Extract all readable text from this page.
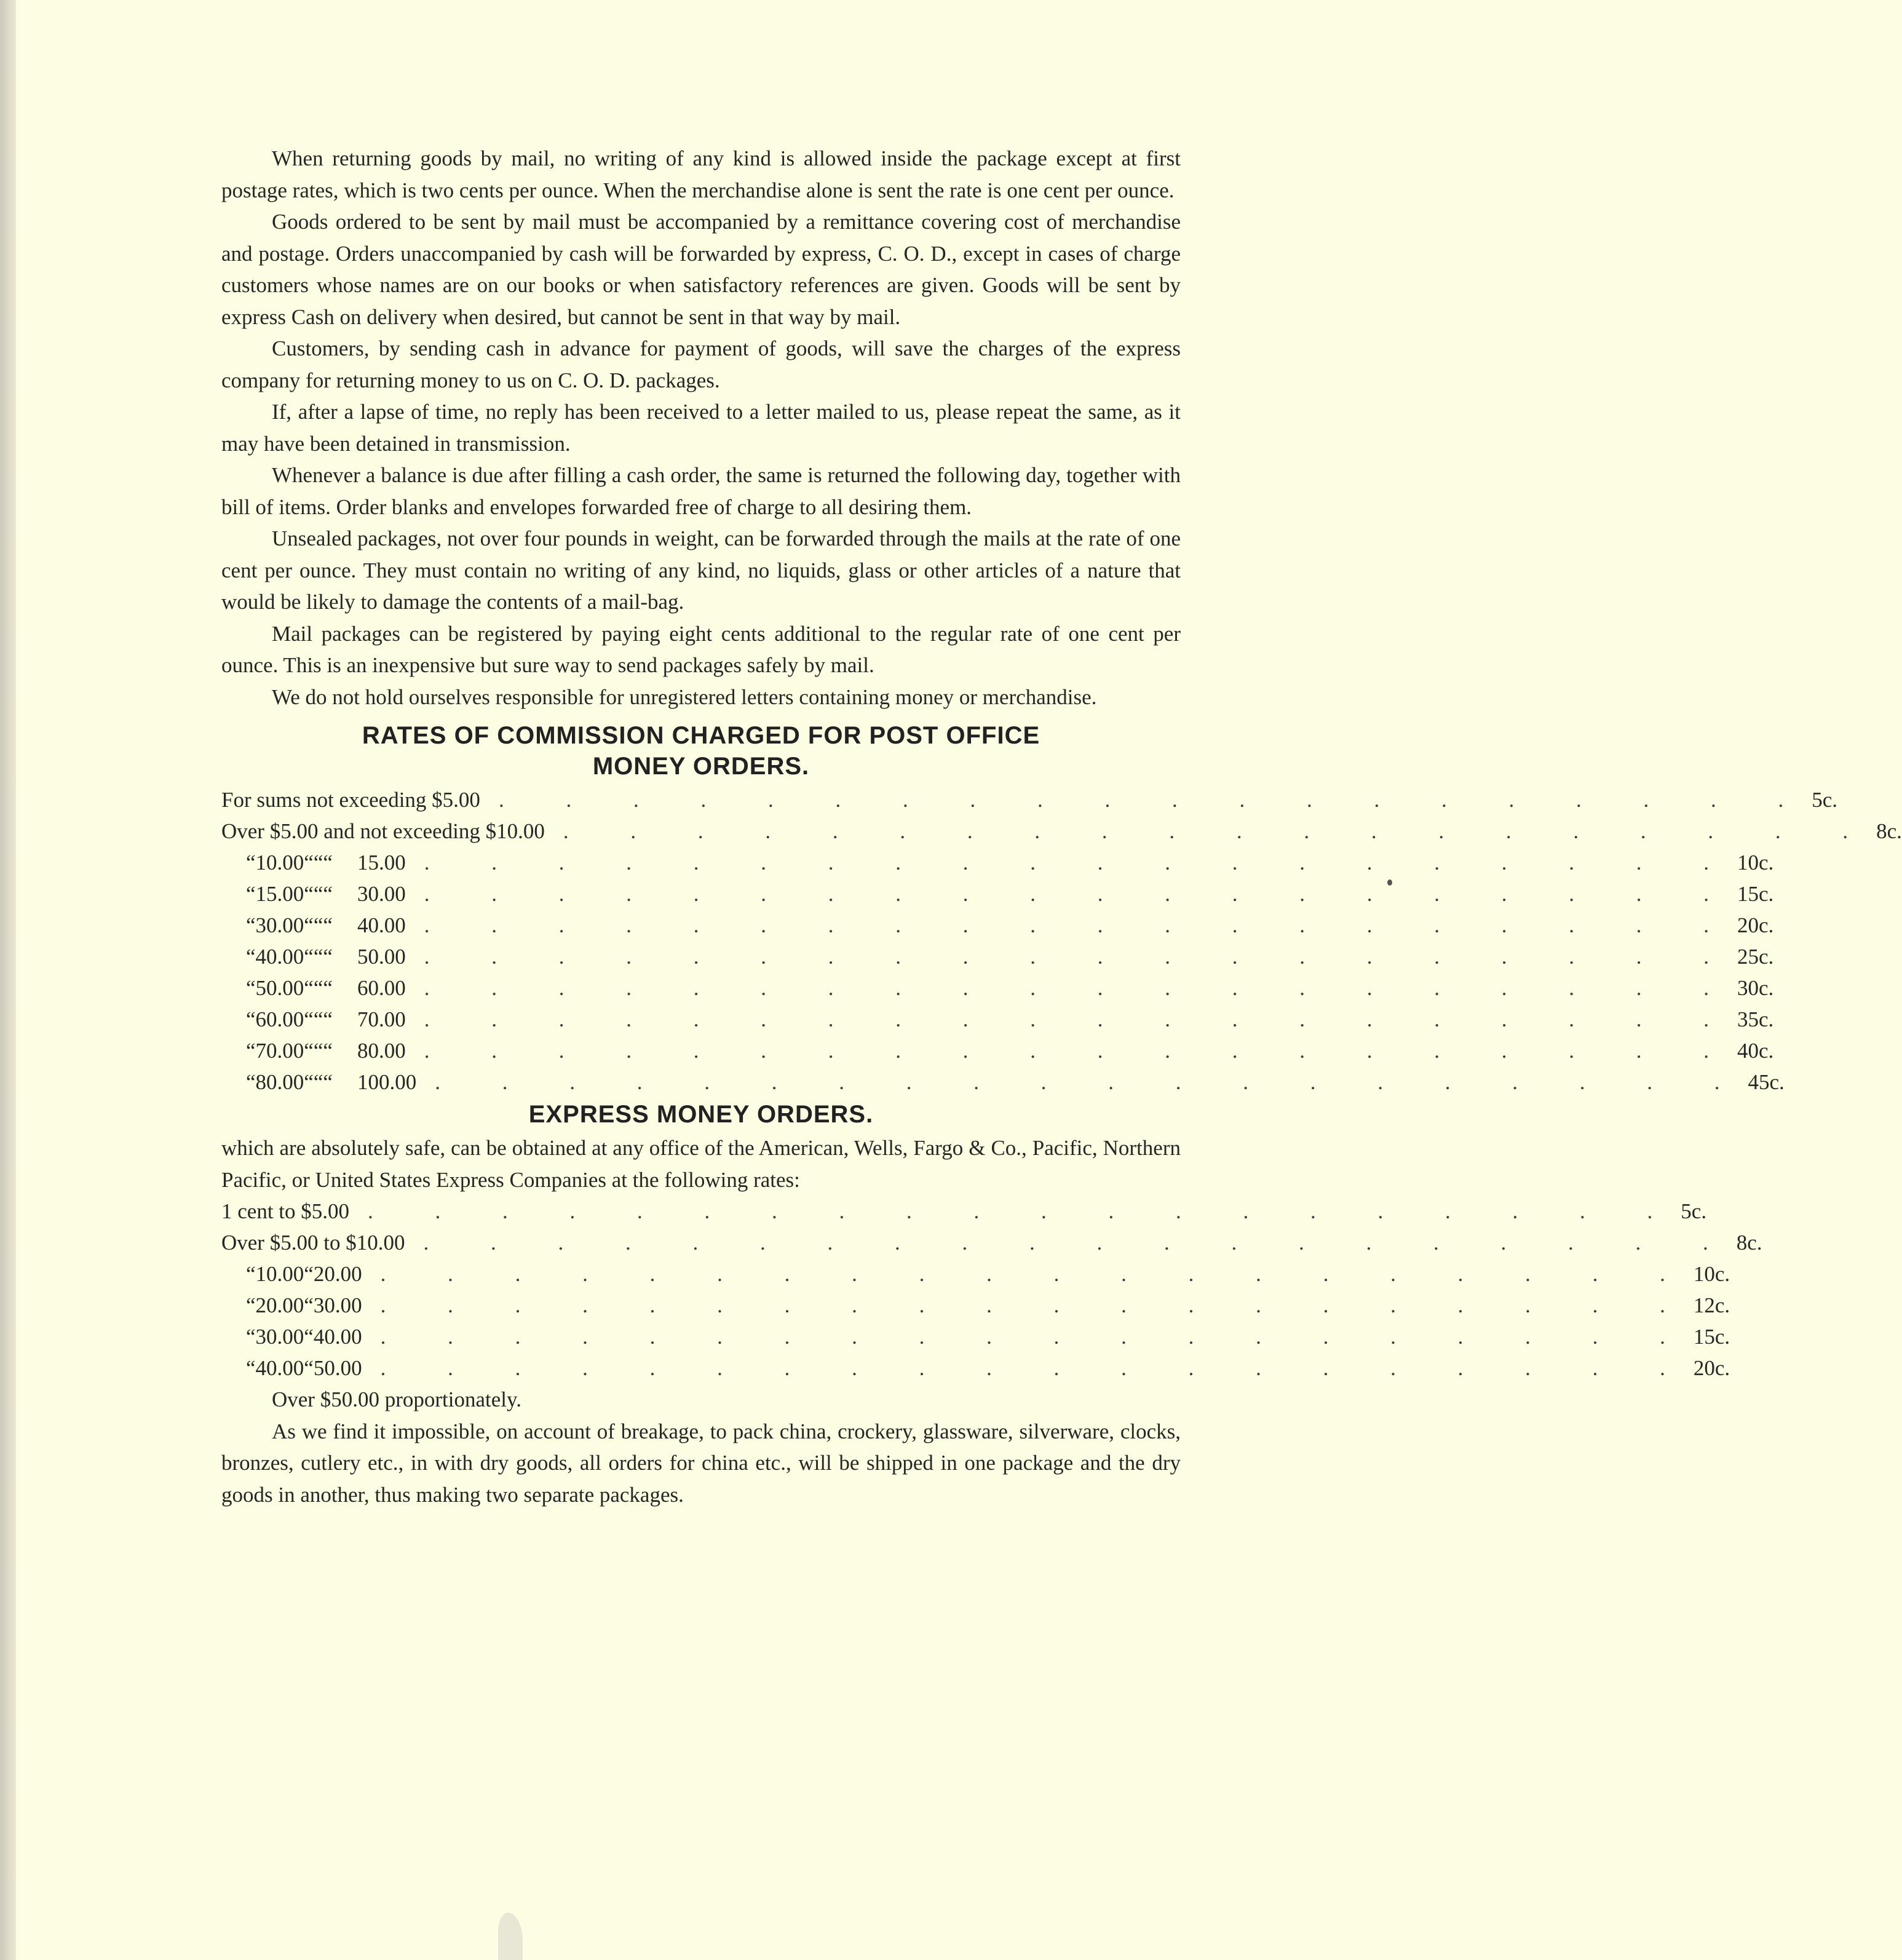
When returning goods by mail, no writing of any kind is allowed inside the package except at first postage rates, which is two cents per ounce. When the merchandise alone is sent the rate is one cent per ounce.

Goods ordered to be sent by mail must be accompanied by a remittance covering cost of merchandise and postage. Orders unaccompanied by cash will be forwarded by express, C. O. D., except in cases of charge customers whose names are on our books or when satisfactory references are given. Goods will be sent by express Cash on delivery when desired, but cannot be sent in that way by mail.

Customers, by sending cash in advance for payment of goods, will save the charges of the express company for returning money to us on C. O. D. packages.

If, after a lapse of time, no reply has been received to a letter mailed to us, please repeat the same, as it may have been detained in transmission.

Whenever a balance is due after filling a cash order, the same is returned the following day, together with bill of items. Order blanks and envelopes forwarded free of charge to all desiring them.

Unsealed packages, not over four pounds in weight, can be forwarded through the mails at the rate of one cent per ounce. They must contain no writing of any kind, no liquids, glass or other articles of a nature that would be likely to damage the contents of a mail-bag.

Mail packages can be registered by paying eight cents additional to the regular rate of one cent per ounce. This is an inexpensive but sure way to send packages safely by mail.

We do not hold ourselves responsible for unregistered letters containing money or merchandise.

RATES OF COMMISSION CHARGED FOR POST OFFICE
MONEY ORDERS.
For sums not exceeding $5.00 . . . . . . . . . . . . . . . . . . . . 5c.
Over $5.00 and not exceeding $10.00 . . . . . . . . . . . . . . . . . . . . 8c.
“ 10.00 “ “ “	15.00 . . . . . . . . . . . . . . . . . . . . 10c.
“ 15.00 “ “ “	30.00 . . . . . . . . . . . . . . . . . . . . 15c.
“ 30.00 “ “ “	40.00 . . . . . . . . . . . . . . . . . . . . 20c.
“ 40.00 “ “ “	50.00 . . . . . . . . . . . . . . . . . . . . 25c.
“ 50.00 “ “ “	60.00 . . . . . . . . . . . . . . . . . . . . 30c.
“ 60.00 “ “ “	70.00 . . . . . . . . . . . . . . . . . . . . 35c.
“ 70.00 “ “ “	80.00 . . . . . . . . . . . . . . . . . . . . 40c.
“ 80.00 “ “ “	100.00 . . . . . . . . . . . . . . . . . . . . 45c.
EXPRESS MONEY ORDERS.

which are absolutely safe, can be obtained at any office of the American, Wells, Fargo & Co., Pacific, Northern Pacific, or United States Express Companies at the following rates:

1 cent to $5.00 . . . . . . . . . . . . . . . . . . . . 5c.
Over $5.00 to $10.00 . . . . . . . . . . . . . . . . . . . . 8c.
“ 10.00 “ 20.00 . . . . . . . . . . . . . . . . . . . . 10c.
“ 20.00 “ 30.00 . . . . . . . . . . . . . . . . . . . . 12c.
“ 30.00 “ 40.00 . . . . . . . . . . . . . . . . . . . . 15c.
“ 40.00 “ 50.00 . . . . . . . . . . . . . . . . . . . . 20c.

Over $50.00 proportionately.

As we find it impossible, on account of breakage, to pack china, crockery, glassware, silverware, clocks, bronzes, cutlery etc., in with dry goods, all orders for china etc., will be shipped in one package and the dry goods in another, thus making two separate packages.
